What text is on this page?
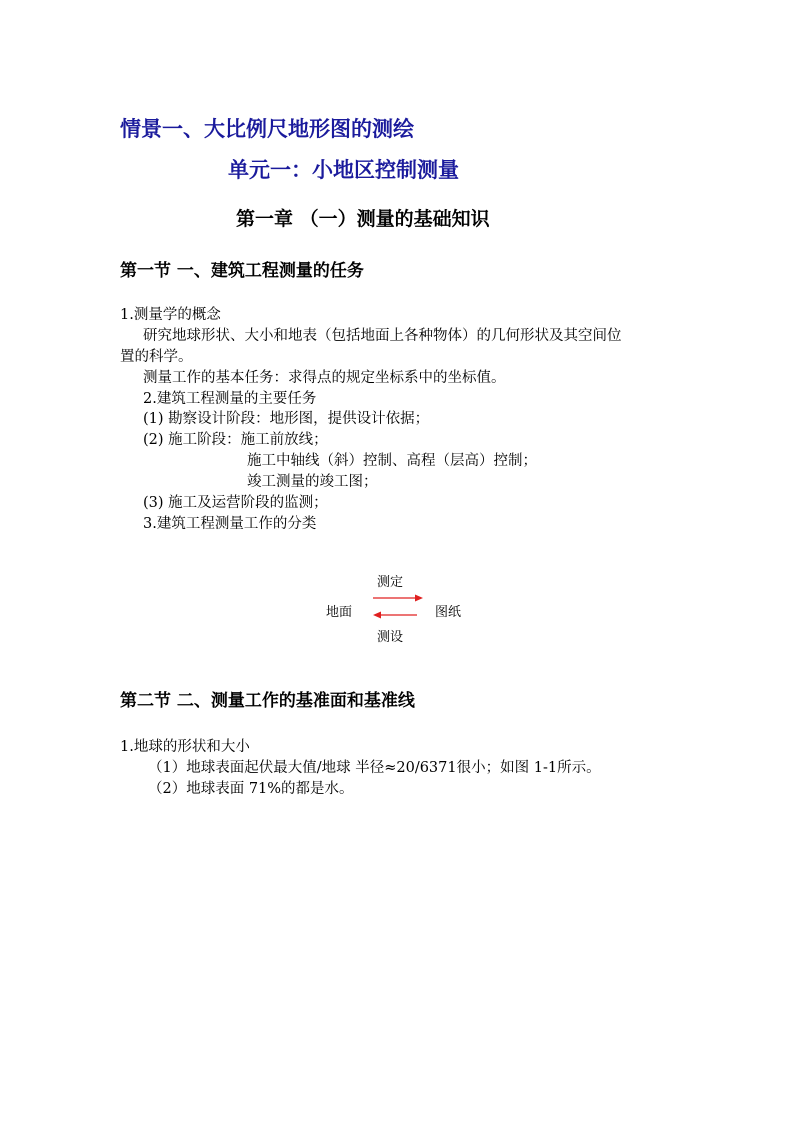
情景一、大比例尺地形图的测绘
单元一：小地区控制测量
第一章 （一）测量的基础知识
第一节 一、建筑工程测量的任务
1.测量学的概念
研究地球形状、大小和地表（包括地面上各种物体）的几何形状及其空间位
置的科学。
测量工作的基本任务：求得点的规定坐标系中的坐标值。
2.建筑工程测量的主要任务
(1) 勘察设计阶段：地形图，提供设计依据；
(2) 施工阶段：施工前放线；
施工中轴线（斜）控制、高程（层高）控制；
竣工测量的竣工图；
(3) 施工及运营阶段的监测；
3.建筑工程测量工作的分类
测定
地面	图纸
测设
第二节 二、测量工作的基准面和基准线
1.地球的形状和大小
（1）地球表面起伏最大值/地球 半径≈20/6371很小；如图 1-1所示。
（2）地球表面 71%的都是水。
